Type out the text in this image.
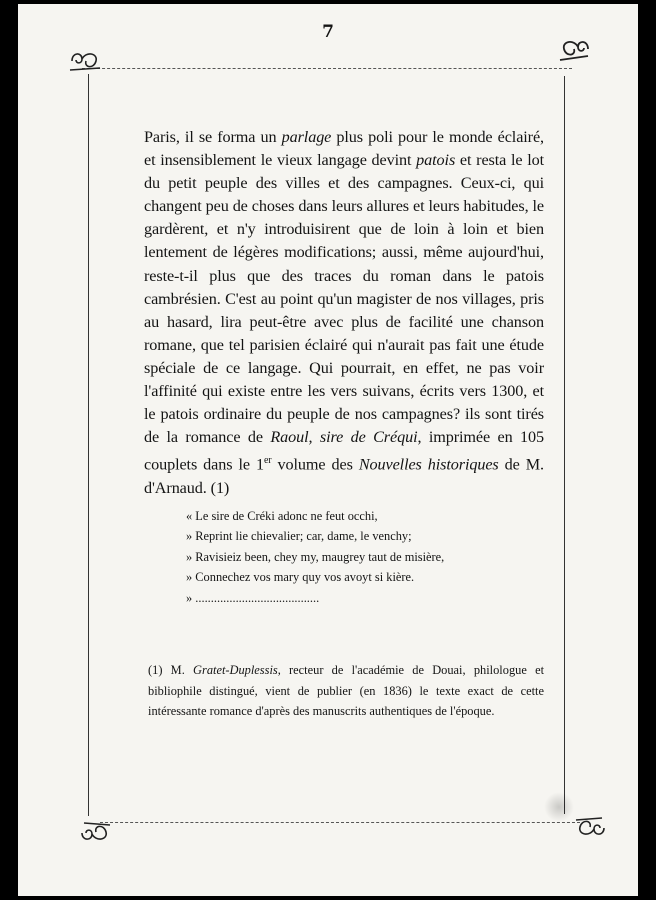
7

Paris, il se forma un parlage plus poli pour le monde éclairé, et insensiblement le vieux langage devint patois et resta le lot du petit peuple des villes et des campagnes. Ceux-ci, qui changent peu de choses dans leurs allures et leurs habitudes, le gardèrent, et n'y introduisirent que de loin à loin et bien lentement de légères modifications; aussi, même aujourd'hui, reste-t-il plus que des traces du roman dans le patois cambrésien. C'est au point qu'un magister de nos villages, pris au hasard, lira peut-être avec plus de facilité une chanson romane, que tel parisien éclairé qui n'aurait pas fait une étude spéciale de ce langage. Qui pourrait, en effet, ne pas voir l'affinité qui existe entre les vers suivans, écrits vers 1300, et le patois ordinaire du peuple de nos campagnes? ils sont tirés de la romance de Raoul, sire de Créqui, imprimée en 105 couplets dans le 1er volume des Nouvelles historiques de M. d'Arnaud. (1)

« Le sire de Créki adonc ne feut occhi,
» Reprint lie chievalier; car, dame, le venchy;
» Ravisieiz been, chey my, maugrey taut de misière,
» Connechez vos mary quy vos avoyt si kière.
» ........................................

(1) M. Gratet-Duplessis, recteur de l'académie de Douai, philologue et bibliophile distingué, vient de publier (en 1836) le texte exact de cette intéressante romance d'après des manuscrits authentiques de l'époque.
